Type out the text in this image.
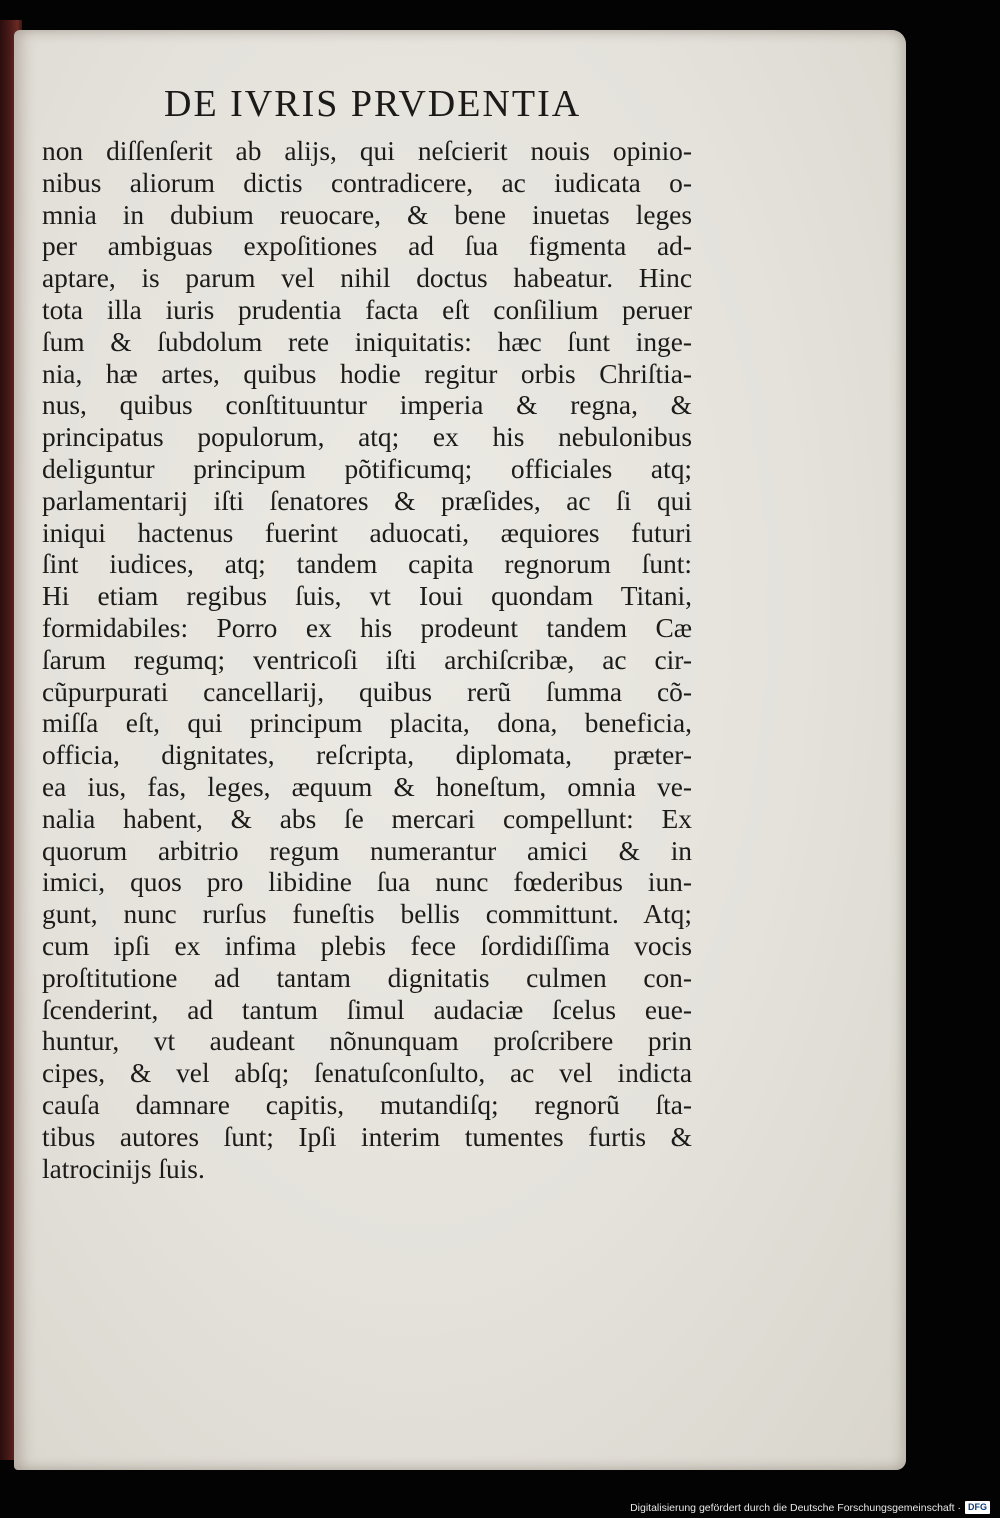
DE IVRIS PRVDENTIA
non diſſenſerit ab alijs, qui neſcierit nouis opinio-
nibus aliorum dictis contradicere, ac iudicata o-
mnia in dubium reuocare, & bene inuetas leges
per ambiguas expoſitiones ad ſua figmenta ad-
aptare, is parum vel nihil doctus habeatur. Hinc
tota illa iuris prudentia facta eſt conſilium peruer
ſum & ſubdolum rete iniquitatis: hæc ſunt inge-
nia, hæ artes, quibus hodie regitur orbis Chriſtia-
nus, quibus conſtituuntur imperia & regna, &
principatus populorum, atq; ex his nebulonibus
deliguntur principum põtificumq; officiales atq;
parlamentarij iſti ſenatores & præſides, ac ſi qui
iniqui hactenus fuerint aduocati, æquiores futuri
ſint iudices, atq; tandem capita regnorum ſunt:
Hi etiam regibus ſuis, vt Ioui quondam Titani,
formidabiles: Porro ex his prodeunt tandem Cæ
ſarum regumq; ventricoſi iſti archiſcribæ, ac cir-
cũpurpurati cancellarij, quibus rerũ ſumma cõ-
miſſa eſt, qui principum placita, dona, beneficia,
officia, dignitates, reſcripta, diplomata, præter-
ea ius, fas, leges, æquum & honeſtum, omnia ve-
nalia habent, & abs ſe mercari compellunt: Ex
quorum arbitrio regum numerantur amici & in
imici, quos pro libidine ſua nunc fœderibus iun-
gunt, nunc rurſus funeſtis bellis committunt. Atq;
cum ipſi ex infima plebis fece ſordidiſſima vocis
proſtitutione ad tantam dignitatis culmen con-
ſcenderint, ad tantum ſimul audaciæ ſcelus eue-
huntur, vt audeant nõnunquam proſcribere prin
cipes, & vel abſq; ſenatuſconſulto, ac vel indicta
cauſa damnare capitis, mutandiſq; regnorũ ſta-
tibus autores ſunt; Ipſi interim tumentes furtis &
latrocinijs ſuis.
Digitalisierung gefördert durch die Deutsche Forschungsgemeinschaft · DFG
